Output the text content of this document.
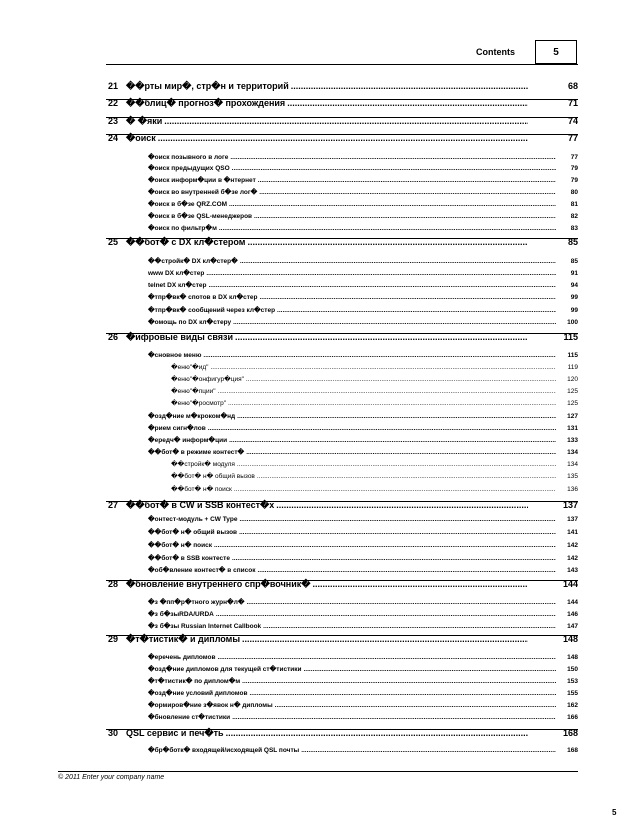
Contents	5
21 ��рты мир�, стр�н и территорий .....	68
22 ��блиц� прогноз� прохождения .....	71
23 � �яки .....	74
24 �оиск .....	77
�оиск позывного в логе .....	77
�оиск предыдущих QSO .....	79
�оиск информ�ции в �нтернет .....	79
�оиск во внутренней б�зе лог� .....	80
�оиск в б�зе QRZ.COM .....	81
�оиск в б�зе QSL-менеджеров .....	82
�оиск по фильтр�м .....	83
25 ��бот� с DX кл�стером .....	85
��стройк� DX кл�стер� .....	85
www DX кл�стер .....	91
telnet DX кл�стер .....	94
�тпр�вк� спотов в DX кл�стер .....	99
�тпр�вк� сообщений через кл�стер .....	99
�омощь по DX кл�стеру .....	100
26 �ифровые виды связи .....	115
�сновное меню .....	115
�еню"�ид" .....	119
�еню"�онфигур�ция" .....	120
�еню"�пции" .....	125
�еню"�росмотр" .....	125
�озд�ние м�кроком�нд .....	127
�рием сигн�лов .....	131
�ередч� информ�ции .....	133
��бот� в режиме контест� .....	134
��стройк� модуля .....	134
��бот� н� общий вызов .....	135
��бот� н� поиск .....	136
27 ��бот� в CW и SSB контест�х .....	137
�онтест-модуль + CW Type .....	137
��бот� н� общий вызов .....	141
��бот� н� поиск .....	142
��бот� в SSB контесте .....	142
�об�вление контест� в список .....	143
28 �бновление внутреннего спр�вочник� .....	144
�з �пп�р�тного журн�л� .....	144
�з б�зыRDA/URDA .....	146
�з б�зы Russian Internet Callbook .....	147
29 �т�тистик� и дипломы .....	148
�еречень дипломов .....	148
�озд�ние дипломов для текущей ст�тистики .....	150
�т�тистик� по диплом�м .....	153
�озд�ние условий дипломов .....	155
�ормиров�ние з�явок н� дипломы .....	162
�бновление ст�тистики .....	166
30 QSL сервис и печ�ть .....	168
�бр�ботк� входящей/исходящей QSL почты .....	168
© 2011 Enter your company name
5
